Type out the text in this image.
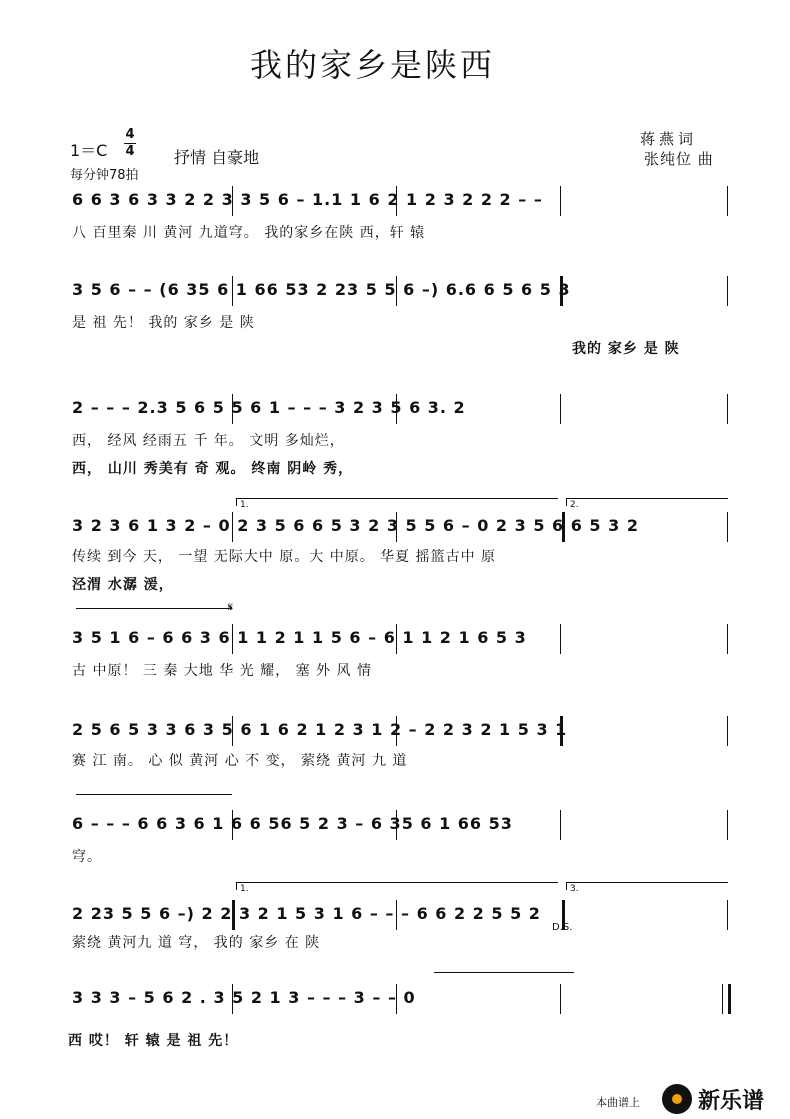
我的家乡是陕西
1＝C
4
4 抒情 自豪地
每分钟78拍
蒋燕词
张纯位 曲
6 6 3 6 3 3 2 2 3 3 5 6 – 1.1 1 6 2 1 2 3 2 2 2 – –
八 百里秦 川 黄河 九道穹。 我的家乡在陕 西，轩 辕
3 5 6 – – (6 35 6 1 66 53 2 23 5 5 6 –) 6.6 6 5 6 5 3
是 祖 先！ 我的 家乡 是 陕
我的 家乡 是 陕
2 – – – 2.3 5 6 5 5 6 1 – – – 3 2 3 5 6 3. 2
西， 经风 经雨五 千 年。 文明 多灿烂，
西， 山川 秀美有 奇 观。 终南 阴岭 秀，
1.	2.
3 2 3 6 1 3 2 – 0 2 3 5 6 6 5 3 2 3 5 5 6 – 0 2 3 5 6 6 5 3 2
传续 到今 天， 一望 无际大中 原。大 中原。 华夏 摇篮古中 原
泾渭 水潺 湲，
𝄋
3 5 1 6 – 6 6 3 6 1 1 2 1 1 5 6 – 6 1 1 2 1 6 5 3
古 中原！ 三 秦 大地 华 光 耀， 塞 外 风 情
2 5 6 5 3 3 6 3 5 6 1 6 2 1 2 3 1 2 – 2 2 3 2 1 5 3 1
赛 江 南。 心 似 黄河 心 不 变， 萦绕 黄河 九 道
6 – – – 6 6 3 6 1 6 6 56 5 2 3 – 6 35 6 1 66 53
穹。
1.	3.
2 23 5 5 6 –) 2 2 3 2 1 5 3 1 6 – – – 6 6 2 2 5 5 2
D.S.
萦绕 黄河九 道 穹， 我的 家乡 在 陕
3 3 3 – 5 6 2 . 3 5 2 1 3 – – – 3 – – 0
西 哎！ 轩 辕 是 祖 先！
本曲谱上	新乐谱
